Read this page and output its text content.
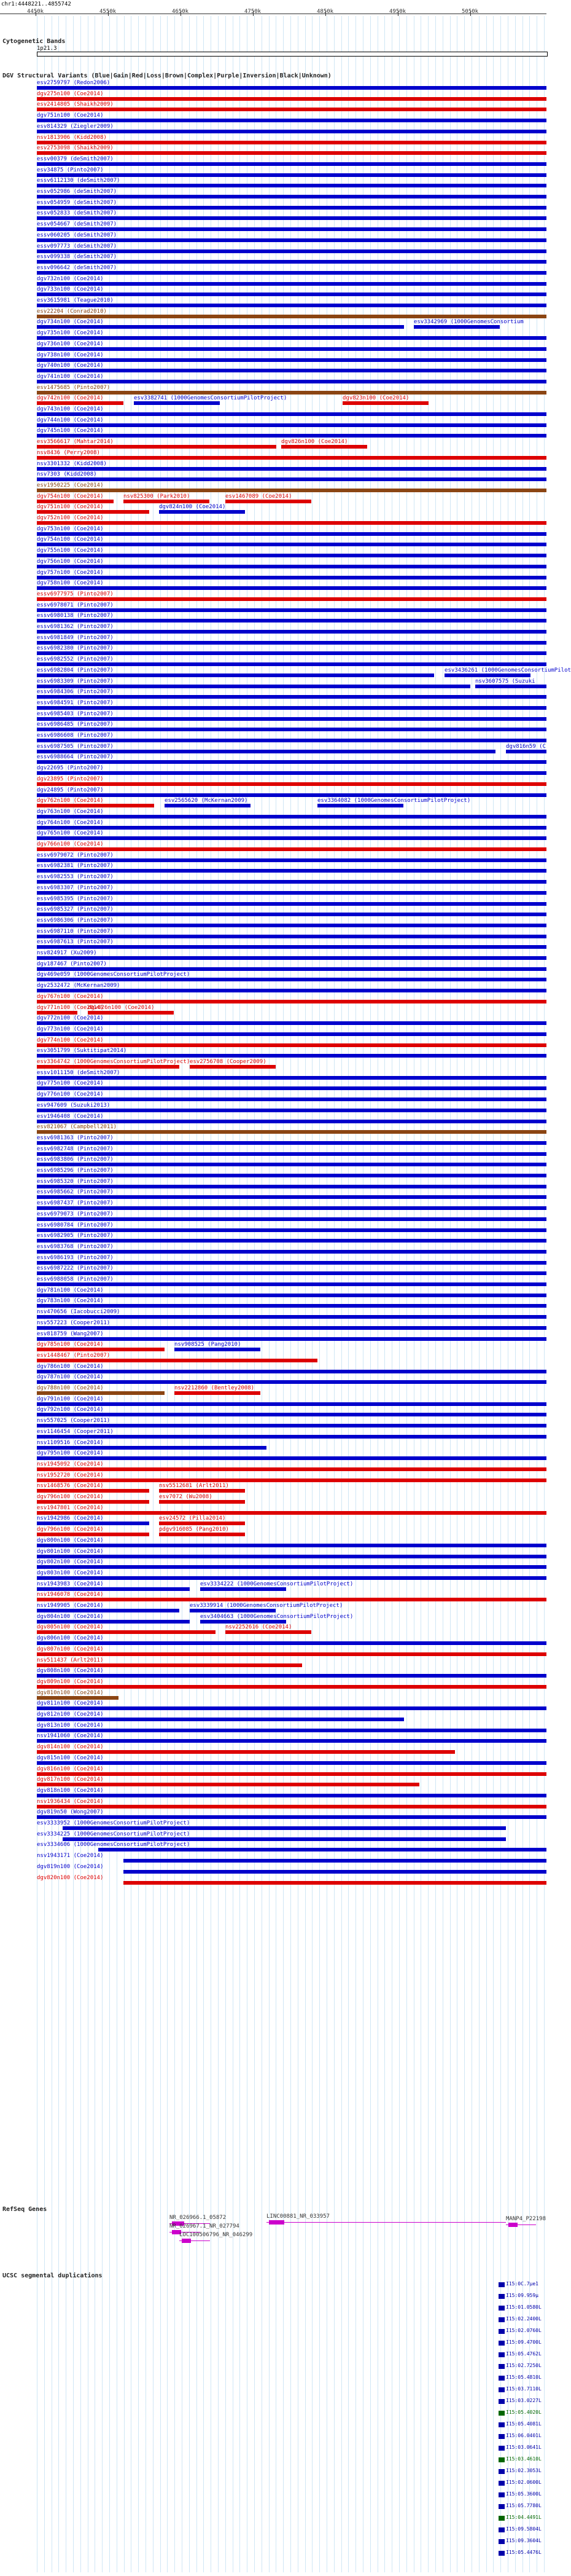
chr1:4448221..4855742
4450k	4550k	4650k	4750k	4850k	4950k	5050k
Cytogenetic Bands
1p21.3
DGV Structural Variants (Blue|Gain|Red|Loss|Brown|Complex|Purple|Inversion|Black|Unknown)
esv2759797 (Redon2006)
dgv275n100 (Coe2014)
esv2414805 (Shaikh2009)
dgv751n100 (Coe2014)
esv814329 (Ziegler2009)
nsv1813906 (Kidd2008)
esv2753098 (Shaikh2009)
essv00379 (deSmith2007)
esv34875 (Pinto2007)
essv6112130 (deSmith2007)
essv052986 (deSmith2007)
essv054959 (deSmith2007)
essv052833 (deSmith2007)
essv054667 (deSmith2007)
essv060205 (deSmith2007)
essv097773 (deSmith2007)
essv099338 (deSmith2007)
essv096642 (deSmith2007)
dgv732n100 (Coe2014)
dgv733n100 (Coe2014)
esv3615981 (Teague2010)
esv22204 (Conrad2010)
dgv734n100 (Coe2014)	esv3342969 (1000GenomesConsortium
dgv735n100 (Coe2014)
dgv736n100 (Coe2014)
dgv738n100 (Coe2014)
dgv740n100 (Coe2014)
dgv741n100 (Coe2014)
esv1475685 (Pinto2007)
dgv742n100 (Coe2014)	esv3382741 (1000GenomesConsortiumPilotProject)	dgv823n100 (Coe2014)
dgv743n100 (Coe2014)
dgv744n100 (Coe2014)
dgv745n100 (Coe2014)
esv3566617 (Mahtar2014)	dgv826n100 (Coe2014)
nsv8436 (Perry2008)
nsv3301332 (Kidd2008)
nsv7303 (Kidd2008)
esv1950225 (Coe2014)
dgv754n100 (Coe2014)	nsv825300 (Park2010)	esv1467089 (Coe2014)
dgv751n100 (Coe2014)	dgv824n100 (Coe2014)
dgv752n100 (Coe2014)
dgv753n100 (Coe2014)
dgv754n100 (Coe2014)
dgv755n100 (Coe2014)
dgv756n100 (Coe2014)
dgv757n100 (Coe2014)
dgv758n100 (Coe2014)
essv6977975 (Pinto2007)
essv6978071 (Pinto2007)
essv6980138 (Pinto2007)
essv6981362 (Pinto2007)
essv6981849 (Pinto2007)
essv6982380 (Pinto2007)
essv6982552 (Pinto2007)
essv6982804 (Pinto2007)	esv3436261 (1000GenomesConsortiumPilot
essv6983309 (Pinto2007)	nsv3607575 (Suzuki
essv6984306 (Pinto2007)
essv6984591 (Pinto2007)
essv6985403 (Pinto2007)
essv6986485 (Pinto2007)
essv6986608 (Pinto2007)
essv6987505 (Pinto2007)	dgv816n59 (C
essv6988664 (Pinto2007)
dgv22695 (Pinto2007)
dgv23895 (Pinto2007)
dgv24895 (Pinto2007)
dgv762n100 (Coe2014)	esv2565620 (McKernan2009)	esv3364082 (1000GenomesConsortiumPilotProject)
dgv763n100 (Coe2014)
dgv764n100 (Coe2014)
dgv765n100 (Coe2014)
dgv766n100 (Coe2014)
essv6979072 (Pinto2007)
essv6982381 (Pinto2007)
essv6982553 (Pinto2007)
essv6983307 (Pinto2007)
essv6985395 (Pinto2007)
essv6985327 (Pinto2007)
essv6986306 (Pinto2007)
essv6987110 (Pinto2007)
essv6987613 (Pinto2007)
nsv824917 (Xu2009)
dgv187467 (Pinto2007)
dgv469e059 (1000GenomesConsortiumPilotProject)
dgv2532472 (McKernan2009)
dgv767n100 (Coe2014)
dgv771n100 (Coe2014)
dgv826n100 (Coe2014)
dgv772n100 (Coe2014)
dgv773n100 (Coe2014)
dgv774n100 (Coe2014)
esv3051799 (Suktitipat2014)
esv3364742 (1000GenomesConsortiumPilotProject) esv2756708 (Cooper2009)
essv1011150 (deSmith2007)
dgv775n100 (Coe2014)
dgv776n100 (Coe2014)
esv947609 (Suzuki2013)
esv1946408 (Coe2014)
esv821067 (Campbell2011)
essv6981363 (Pinto2007)
essv6982748 (Pinto2007)
essv6983806 (Pinto2007)
essv6985296 (Pinto2007)
essv6985320 (Pinto2007)
essv6985662 (Pinto2007)
essv6987437 (Pinto2007)
essv6979073 (Pinto2007)
essv6980784 (Pinto2007)
essv6982905 (Pinto2007)
essv6983768 (Pinto2007)
essv6986193 (Pinto2007)
essv6987222 (Pinto2007)
essv6988058 (Pinto2007)
dgv781n100 (Coe2014)
dgv783n100 (Coe2014)
nsv470656 (Iacobucci2009)
nsv557223 (Cooper2011)
esv818759 (Wang2007)
dgv785n100 (Coe2014)	nsv908525 (Pang2010)
esv1448467 (Pinto2007)
dgv786n100 (Coe2014)
dgv787n100 (Coe2014)
dgv788n100 (Coe2014)	nsv2212860 (Bentley2008)
dgv791n100 (Coe2014)
dgv792n100 (Coe2014)
nsv557025 (Cooper2011)
esv1146454 (Cooper2011)
nsv1109516 (Coe2014)
dgv795n100 (Coe2014)
nsv1945092 (Coe2014)
nsv1952720 (Coe2014)
nsv1468576 (Coe2014)	nsv5512681 (Arlt2011)
dgv796n100 (Coe2014)	esv7072 (Wu2008)
esv1947801 (Coe2014)
nsv1942986 (Coe2014)	esv24572 (Pilla2014)
dgv796n100 (Coe2014)	pdgv916085 (Pang2010)
dgv800n100 (Coe2014)
dgv801n100 (Coe2014)
dgv802n100 (Coe2014)
dgv803n100 (Coe2014)
nsv1943983 (Coe2014)	esv3334222 (1000GenomesConsortiumPilotProject)
nsv1946078 (Coe2014)
nsv1949905 (Coe2014)	esv3339914 (1000GenomesConsortiumPilotProject)
dgv804n100 (Coe2014)	esv3404663 (1000GenomesConsortiumPilotProject)
dgv805n100 (Coe2014)	nsv2252616 (Coe2014)
dgv806n100 (Coe2014)
dgv807n100 (Coe2014)
nsv511437 (Arlt2011)
dgv808n100 (Coe2014)
dgv809n100 (Coe2014)
dgv810n100 (Coe2014)
dgv811n100 (Coe2014)
dgv812n100 (Coe2014)
dgv813n100 (Coe2014)
nsv1941060 (Coe2014)
dgv814n100 (Coe2014)
dgv815n100 (Coe2014)
dgv816n100 (Coe2014)
dgv817n100 (Coe2014)
dgv818n100 (Coe2014)
nsv1936434 (Coe2014)
dgv819n50 (Wong2007)
esv3333952 (1000GenomesConsortiumPilotProject)
esv3334225 (1000GenomesConsortiumPilotProject)
esv3334606 (1000GenomesConsortiumPilotProject)
nsv1943171 (Coe2014)
dgv819n100 (Coe2014)
dgv820n100 (Coe2014)
RefSeq Genes
NR_026966.1_05872	LINC00881_NR_033957
NR_026967.1_NR_027794
LOC100506796_NR_046299
MANP4_P22198
UCSC segmental duplications
I15:0C.7µe1
I15:09.959µ
I15:01.0580L
I15:02.2400L
I15:02.0760L
I15:09.4700L
I15:05.4762L
I15:02.7250L
I15:05.4810L
I15:03.7110L
I15:03.0227L
I15:05.4020L
I15:05.4081L
I15:06.0401L
I15:03.0641L
I15:03.4610L
I15:02.3053L
I15:02.0600L
I15:05.3600L
I15:05.7780L
I15:04.4491L
I15:09.5804L
I15:09.3604L
I15:05.4476L
